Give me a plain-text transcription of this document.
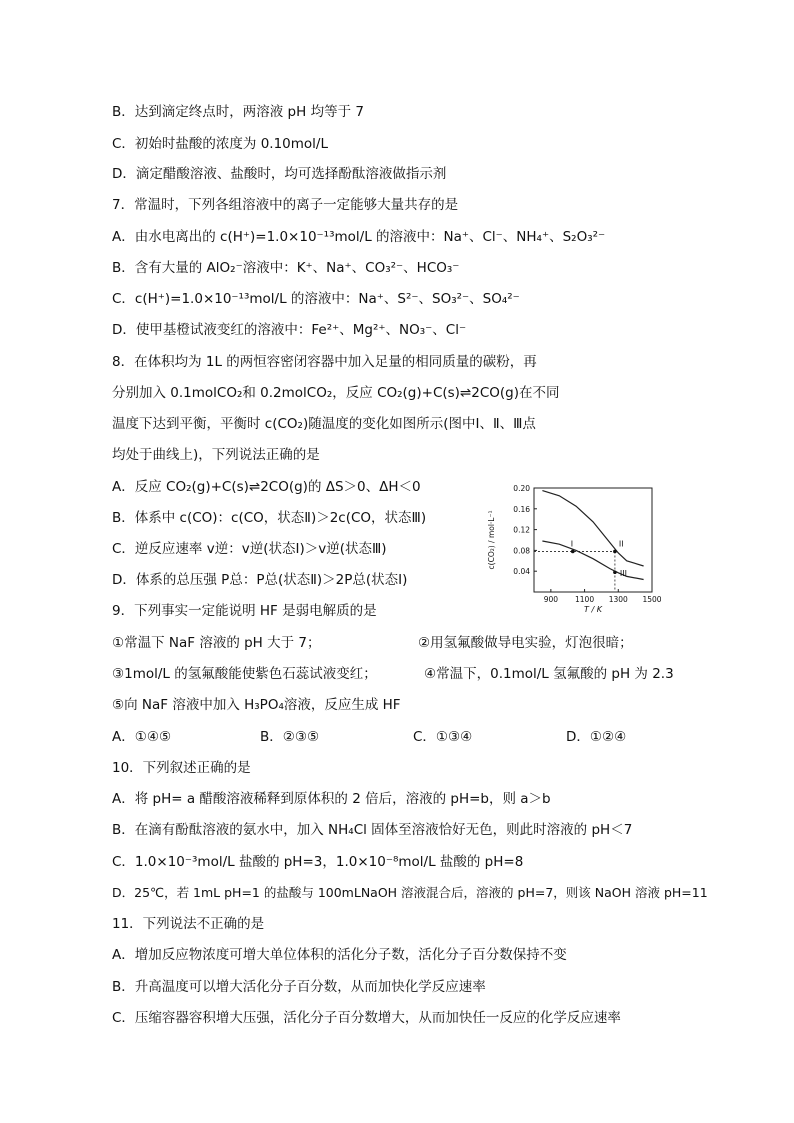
B．达到滴定终点时，两溶液 pH 均等于 7
C．初始时盐酸的浓度为 0.10mol/L
D．滴定醋酸溶液、盐酸时，均可选择酚酞溶液做指示剂
7．常温时，下列各组溶液中的离子一定能够大量共存的是
A．由水电离出的 c(H⁺)=1.0×10⁻¹³mol/L 的溶液中：Na⁺、Cl⁻、NH₄⁺、S₂O₃²⁻
B．含有大量的 AlO₂⁻溶液中：K⁺、Na⁺、CO₃²⁻、HCO₃⁻
C．c(H⁺)=1.0×10⁻¹³mol/L 的溶液中：Na⁺、S²⁻、SO₃²⁻、SO₄²⁻
D．使甲基橙试液变红的溶液中：Fe²⁺、Mg²⁺、NO₃⁻、Cl⁻
8．在体积均为 1L 的两恒容密闭容器中加入足量的相同质量的碳粉，再
分别加入 0.1molCO₂和 0.2molCO₂，反应 CO₂(g)+C(s)⇌2CO(g)在不同
温度下达到平衡，平衡时 c(CO₂)随温度的变化如图所示(图中Ⅰ、Ⅱ、Ⅲ点
均处于曲线上)，下列说法正确的是
A．反应 CO₂(g)+C(s)⇌2CO(g)的 ΔS＞0、ΔH＜0
B．体系中 c(CO)：c(CO，状态Ⅱ)＞2c(CO，状态Ⅲ)
C．逆反应速率 v逆：v逆(状态Ⅰ)＞v逆(状态Ⅲ)
D．体系的总压强 P总：P总(状态Ⅱ)＞2P总(状态Ⅰ)
9．下列事实一定能说明 HF 是弱电解质的是
①常温下 NaF 溶液的 pH 大于 7；	②用氢氟酸做导电实验，灯泡很暗；
③1mol/L 的氢氟酸能使紫色石蕊试液变红；	④常温下，0.1mol/L 氢氟酸的 pH 为 2.3
⑤向 NaF 溶液中加入 H₃PO₄溶液，反应生成 HF
A．①④⑤	B．②③⑤	C．①③④	D．①②④
10．下列叙述正确的是
A．将 pH= a 醋酸溶液稀释到原体积的 2 倍后，溶液的 pH=b，则 a＞b
B．在滴有酚酞溶液的氨水中，加入 NH₄Cl 固体至溶液恰好无色，则此时溶液的 pH＜7
C．1.0×10⁻³mol/L 盐酸的 pH=3，1.0×10⁻⁸mol/L 盐酸的 pH=8
D．25℃，若 1mL pH=1 的盐酸与 100mLNaOH 溶液混合后，溶液的 pH=7，则该 NaOH 溶液 pH=11
11．下列说法不正确的是
A．增加反应物浓度可增大单位体积的活化分子数，活化分子百分数保持不变
B．升高温度可以增大活化分子百分数，从而加快化学反应速率
C．压缩容器容积增大压强，活化分子百分数增大，从而加快任一反应的化学反应速率
0.20
0.16
0.12
0.08
0.04
900 1100 1300 1500
T / K
c(CO₂) / mol·L⁻¹	I	II
III
